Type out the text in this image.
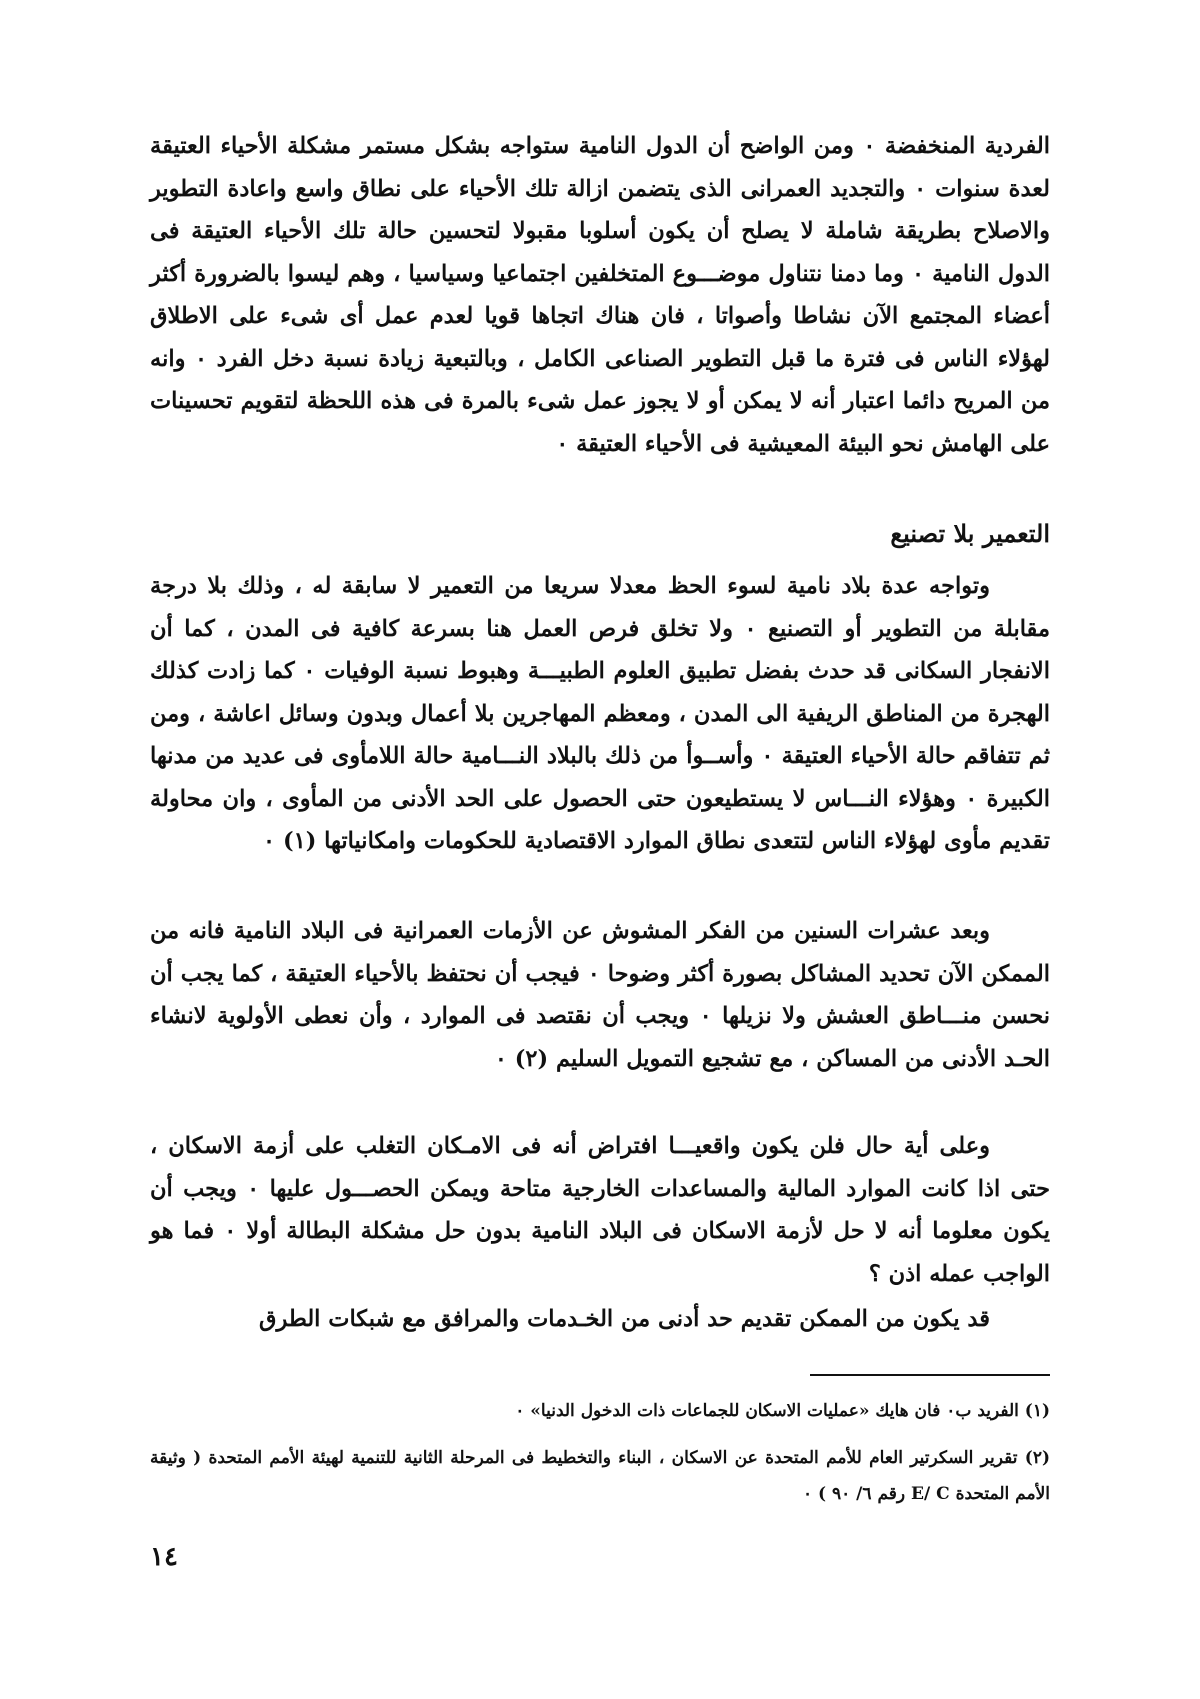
الفردية المنخفضة ٠ ومن الواضح أن الدول النامية ستواجه بشكل مستمر مشكلة الأحياء العتيقة لعدة سنوات ٠ والتجديد العمرانى الذى يتضمن ازالة تلك الأحياء على نطاق واسع واعادة التطوير والاصلاح بطريقة شاملة لا يصلح أن يكون أسلوبا مقبولا لتحسين حالة تلك الأحياء العتيقة فى الدول النامية ٠ وما دمنا نتناول موضـــوع المتخلفين اجتماعيا وسياسيا ، وهم ليسوا بالضرورة أكثر أعضاء المجتمع الآن نشاطا وأصواتا ، فان هناك اتجاها قويا لعدم عمل أى شىء على الاطلاق لهؤلاء الناس فى فترة ما قبل التطوير الصناعى الكامل ، وبالتبعية زيادة نسبة دخل الفرد ٠ وانه من المريح دائما اعتبار أنه لا يمكن أو لا يجوز عمل شىء بالمرة فى هذه اللحظة لتقويم تحسينات على الهامش نحو البيئة المعيشية فى الأحياء العتيقة ٠

التعمير بلا تصنيع

وتواجه عدة بلاد نامية لسوء الحظ معدلا سريعا من التعمير لا سابقة له ، وذلك بلا درجة مقابلة من التطوير أو التصنيع ٠ ولا تخلق فرص العمل هنا بسرعة كافية فى المدن ، كما أن الانفجار السكانى قد حدث بفضل تطبيق العلوم الطبيـــة وهبوط نسبة الوفيات ٠ كما زادت كذلك الهجرة من المناطق الريفية الى المدن ، ومعظم المهاجرين بلا أعمال وبدون وسائل اعاشة ، ومن ثم تتفاقم حالة الأحياء العتيقة ٠ وأســوأ من ذلك بالبلاد النـــامية حالة اللامأوى فى عديد من مدنها الكبيرة ٠ وهؤلاء النـــاس لا يستطيعون حتى الحصول على الحد الأدنى من المأوى ، وان محاولة تقديم مأوى لهؤلاء الناس لتتعدى نطاق الموارد الاقتصادية للحكومات وامكانياتها (١) ٠

وبعد عشرات السنين من الفكر المشوش عن الأزمات العمرانية فى البلاد النامية فانه من الممكن الآن تحديد المشاكل بصورة أكثر وضوحا ٠ فيجب أن نحتفظ بالأحياء العتيقة ، كما يجب أن نحسن منـــاطق العشش ولا نزيلها ٠ ويجب أن نقتصد فى الموارد ، وأن نعطى الأولوية لانشاء الحـد الأدنى من المساكن ، مع تشجيع التمويل السليم (٢) ٠

وعلى أية حال فلن يكون واقعيـــا افتراض أنه فى الامـكان التغلب على أزمة الاسكان ، حتى اذا كانت الموارد المالية والمساعدات الخارجية متاحة ويمكن الحصـــول عليها ٠ ويجب أن يكون معلوما أنه لا حل لأزمة الاسكان فى البلاد النامية بدون حل مشكلة البطالة أولا ٠ فما هو الواجب عمله اذن ؟

قد يكون من الممكن تقديم حد أدنى من الخـدمات والمرافق مع شبكات الطرق

(١) الفريد ب٠ فان هايك «عمليات الاسكان للجماعات ذات الدخول الدنيا» ٠

(٢) تقرير السكرتير العام للأمم المتحدة عن الاسكان ، البناء والتخطيط فى المرحلة الثانية للتنمية لهيئة الأمم المتحدة ( وثيقة الأمم المتحدة E/ C رقم ٦/ ٩٠ ) ٠

١٤
